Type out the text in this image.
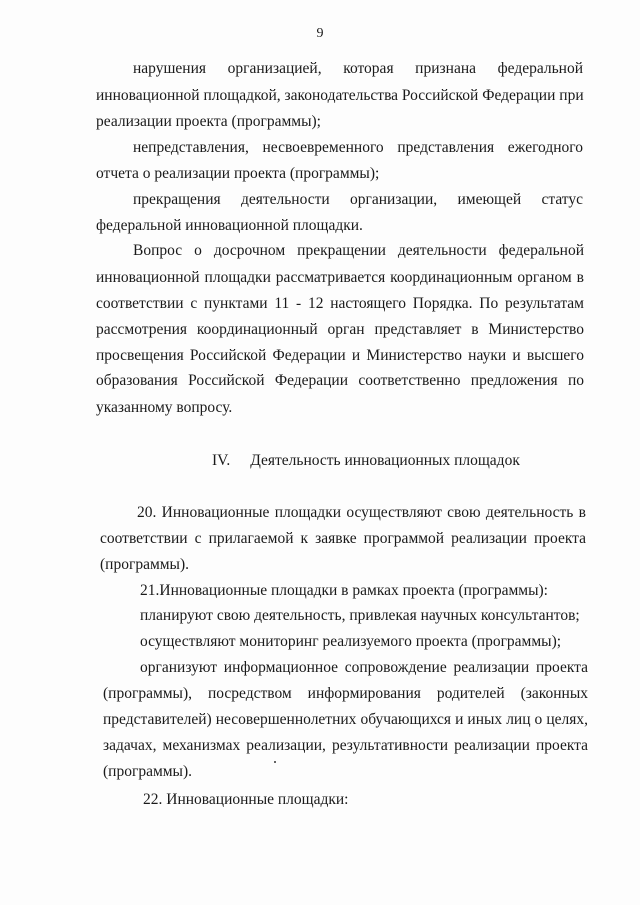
9
нарушения организацией, которая признана федеральной
инновационной площадкой, законодательства Российской Федерации при
реализации проекта (программы);
непредставления, несвоевременного представления ежегодного
отчета о реализации проекта (программы);
прекращения деятельности организации, имеющей статус
федеральной инновационной площадки.
Вопрос о досрочном прекращении деятельности федеральной
инновационной площадки рассматривается координационным органом в
соответствии с пунктами 11 - 12 настоящего Порядка. По результатам
рассмотрения координационный орган представляет в Министерство
просвещения Российской Федерации и Министерство науки и высшего
образования Российской Федерации соответственно предложения по
указанному вопросу.
IV. Деятельность инновационных площадок
20. Инновационные площадки осуществляют свою деятельность в
соответствии с прилагаемой к заявке программой реализации проекта
(программы).
21.Инновационные площадки в рамках проекта (программы):
планируют свою деятельность, привлекая научных консультантов;
осуществляют мониторинг реализуемого проекта (программы);
организуют информационное сопровождение реализации проекта
(программы), посредством информирования родителей (законных
представителей) несовершеннолетних обучающихся и иных лиц о целях,
задачах, механизмах реализации, результативности реализации проекта
(программы).
22. Инновационные площадки:
